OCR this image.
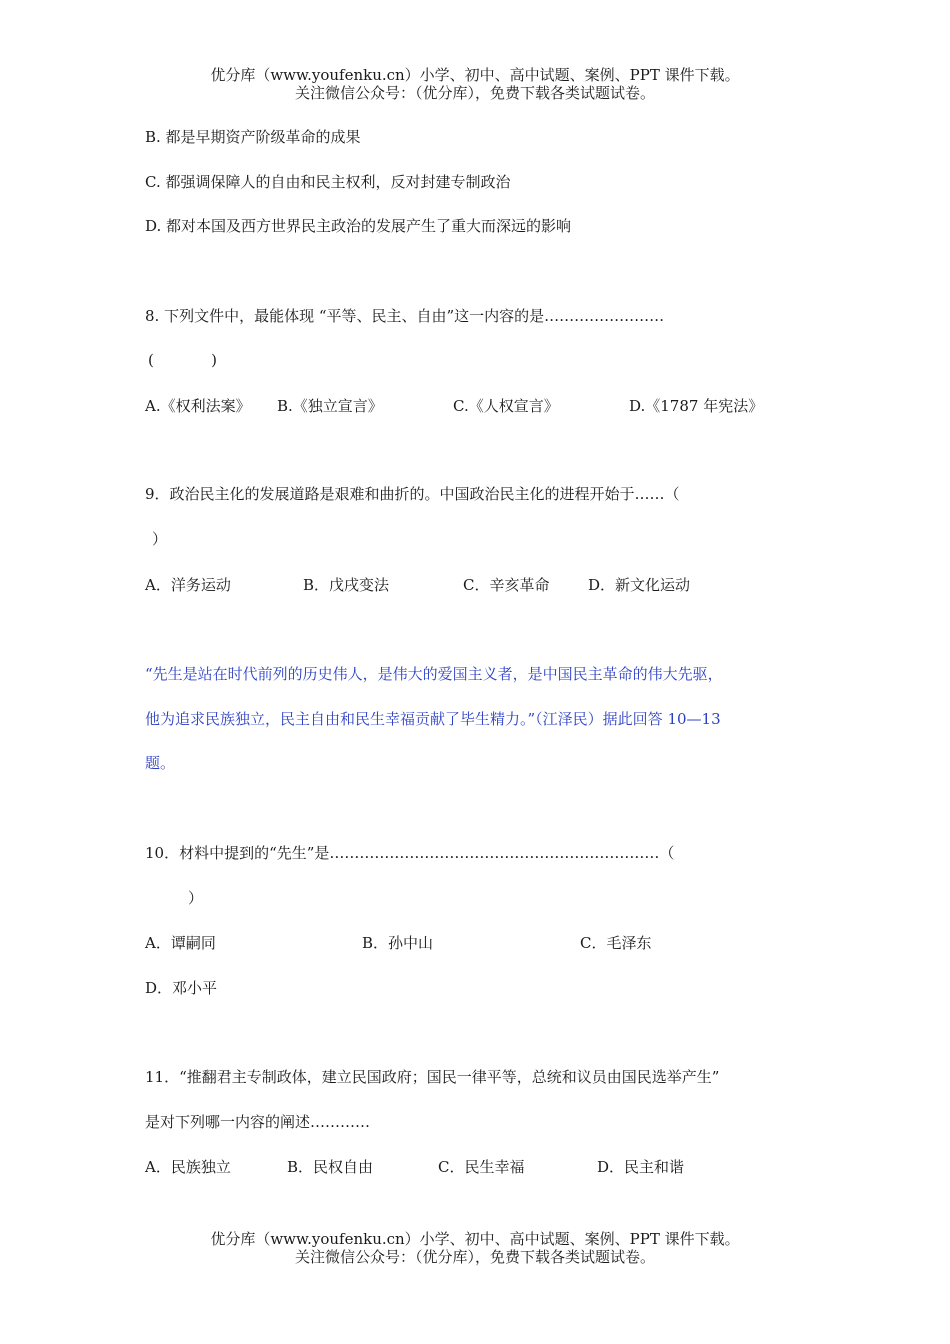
优分库（www.youfenku.cn）小学、初中、高中试题、案例、PPT 课件下载。
关注微信公众号：（优分库），免费下载各类试题试卷。
B. 都是早期资产阶级革命的成果
C. 都强调保障人的自由和民主权利，反对封建专制政治
D. 都对本国及西方世界民主政治的发展产生了重大而深远的影响
8. 下列文件中，最能体现 “平等、民主、自由”这一内容的是……………………
(            )
A.《权利法案》 B.《独立宣言》	C.《人权宣言》	D.《1787 年宪法》
9．政治民主化的发展道路是艰难和曲折的。中国政治民主化的进程开始于……（
）
A．洋务运动	B．戊戌变法	C．辛亥革命	D．新文化运动
“先生是站在时代前列的历史伟人，是伟大的爱国主义者，是中国民主革命的伟大先驱，
他为追求民族独立，民主自由和民生幸福贡献了毕生精力。”（江泽民）据此回答 10—13
题。
10．材料中提到的“先生”是…………………………………………………………（
）
A．谭嗣同	B．孙中山	C．毛泽东
D．邓小平
11．“推翻君主专制政体，建立民国政府；国民一律平等，总统和议员由国民选举产生”
是对下列哪一内容的阐述…………
A．民族独立	B．民权自由	C．民生幸福	D．民主和谐
优分库（www.youfenku.cn）小学、初中、高中试题、案例、PPT 课件下载。
关注微信公众号：（优分库），免费下载各类试题试卷。
